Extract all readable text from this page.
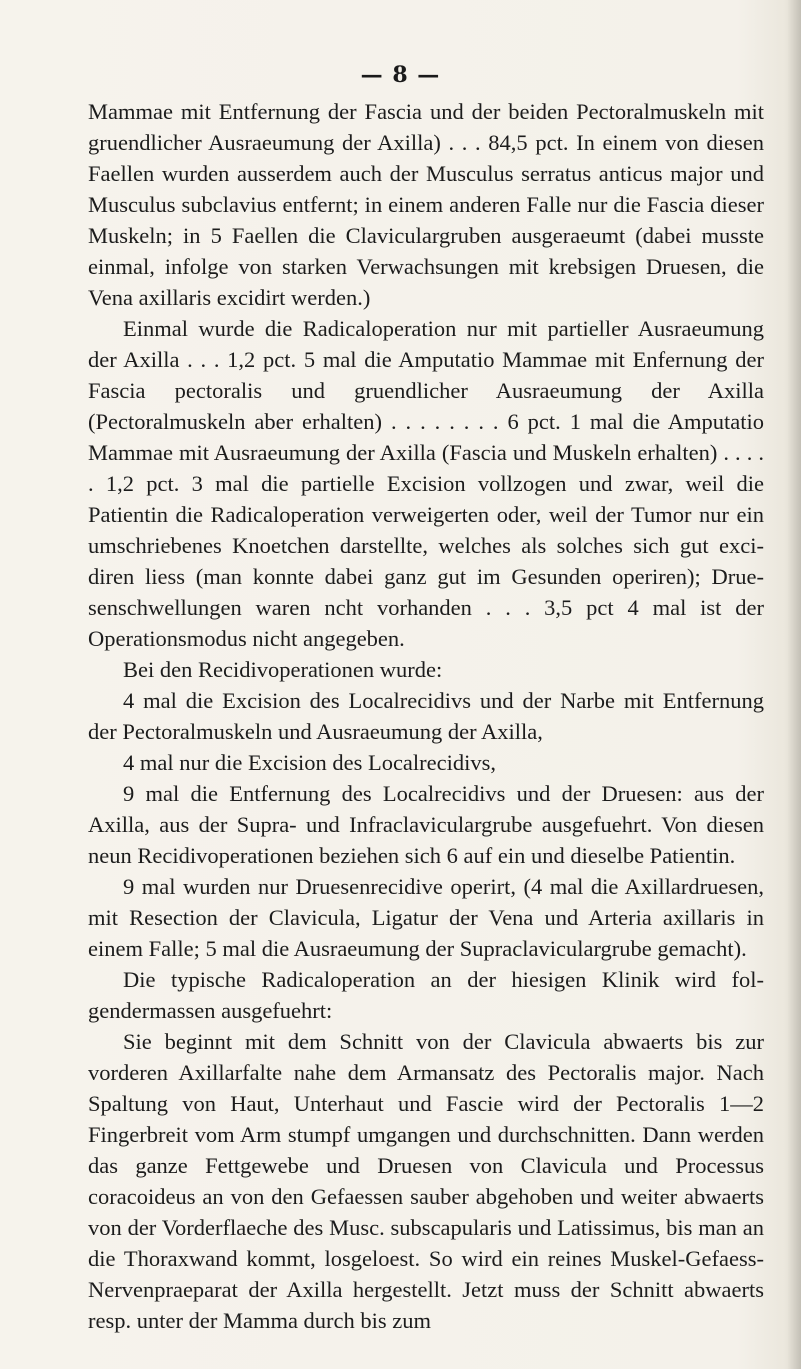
— 8 —

Mammae mit Entfernung der Fascia und der beiden Pectoralmuskeln mit gruendlicher Ausraeumung der Axilla) . . . 84,5 pct. In einem von diesen Faellen wurden ausserdem auch der Musculus serratus anticus major und Musculus subclavius entfernt; in einem anderen Falle nur die Fascia dieser Muskeln; in 5 Faellen die Claviculargruben ausgeraeumt (dabei musste einmal, infolge von starken Verwachsungen mit krebsigen Druesen, die Vena axillaris excidirt werden.)

Einmal wurde die Radicaloperation nur mit partieller Ausraeumung der Axilla . . . 1,2 pct. 5 mal die Amputatio Mammae mit Enfernung der Fascia pectoralis und gruendlicher Ausraeumung der Axilla (Pectoralmuskeln aber erhalten) . . . . . . . . 6 pct. 1 mal die Amputatio Mammae mit Ausraeumung der Axilla (Fascia und Muskeln erhalten) . . . . . 1,2 pct. 3 mal die partielle Excision vollzogen und zwar, weil die Patientin die Radicaloperation verweigerten oder, weil der Tumor nur ein umschriebenes Knoetchen darstellte, welches als solches sich gut excidiren liess (man konnte dabei ganz gut im Gesunden operiren); Druesenschwellungen waren ncht vorhanden . . . 3,5 pct 4 mal ist der Operationsmodus nicht angegeben.

Bei den Recidivoperationen wurde:

4 mal die Excision des Localrecidivs und der Narbe mit Entfernung der Pectoralmuskeln und Ausraeumung der Axilla,

4 mal nur die Excision des Localrecidivs,

9 mal die Entfernung des Localrecidivs und der Druesen: aus der Axilla, aus der Supra- und Infraclaviculargrube ausgefuehrt. Von diesen neun Recidivoperationen beziehen sich 6 auf ein und dieselbe Patientin.

9 mal wurden nur Druesenrecidive operirt, (4 mal die Axillardruesen, mit Resection der Clavicula, Ligatur der Vena und Arteria axillaris in einem Falle; 5 mal die Ausraeumung der Supraclaviculargrube gemacht).

Die typische Radicaloperation an der hiesigen Klinik wird folgendermassen ausgefuehrt:

Sie beginnt mit dem Schnitt von der Clavicula abwaerts bis zur vorderen Axillarfalte nahe dem Armansatz des Pectoralis major. Nach Spaltung von Haut, Unterhaut und Fascie wird der Pectoralis 1—2 Fingerbreit vom Arm stumpf umgangen und durchschnitten. Dann werden das ganze Fettgewebe und Druesen von Clavicula und Processus coracoideus an von den Gefaessen sauber abgehoben und weiter abwaerts von der Vorderflaeche des Musc. subscapularis und Latissimus, bis man an die Thoraxwand kommt, losgeloest. So wird ein reines Muskel-Gefaess-Nervenpraeparat der Axilla hergestellt. Jetzt muss der Schnitt abwaerts resp. unter der Mamma durch bis zum
